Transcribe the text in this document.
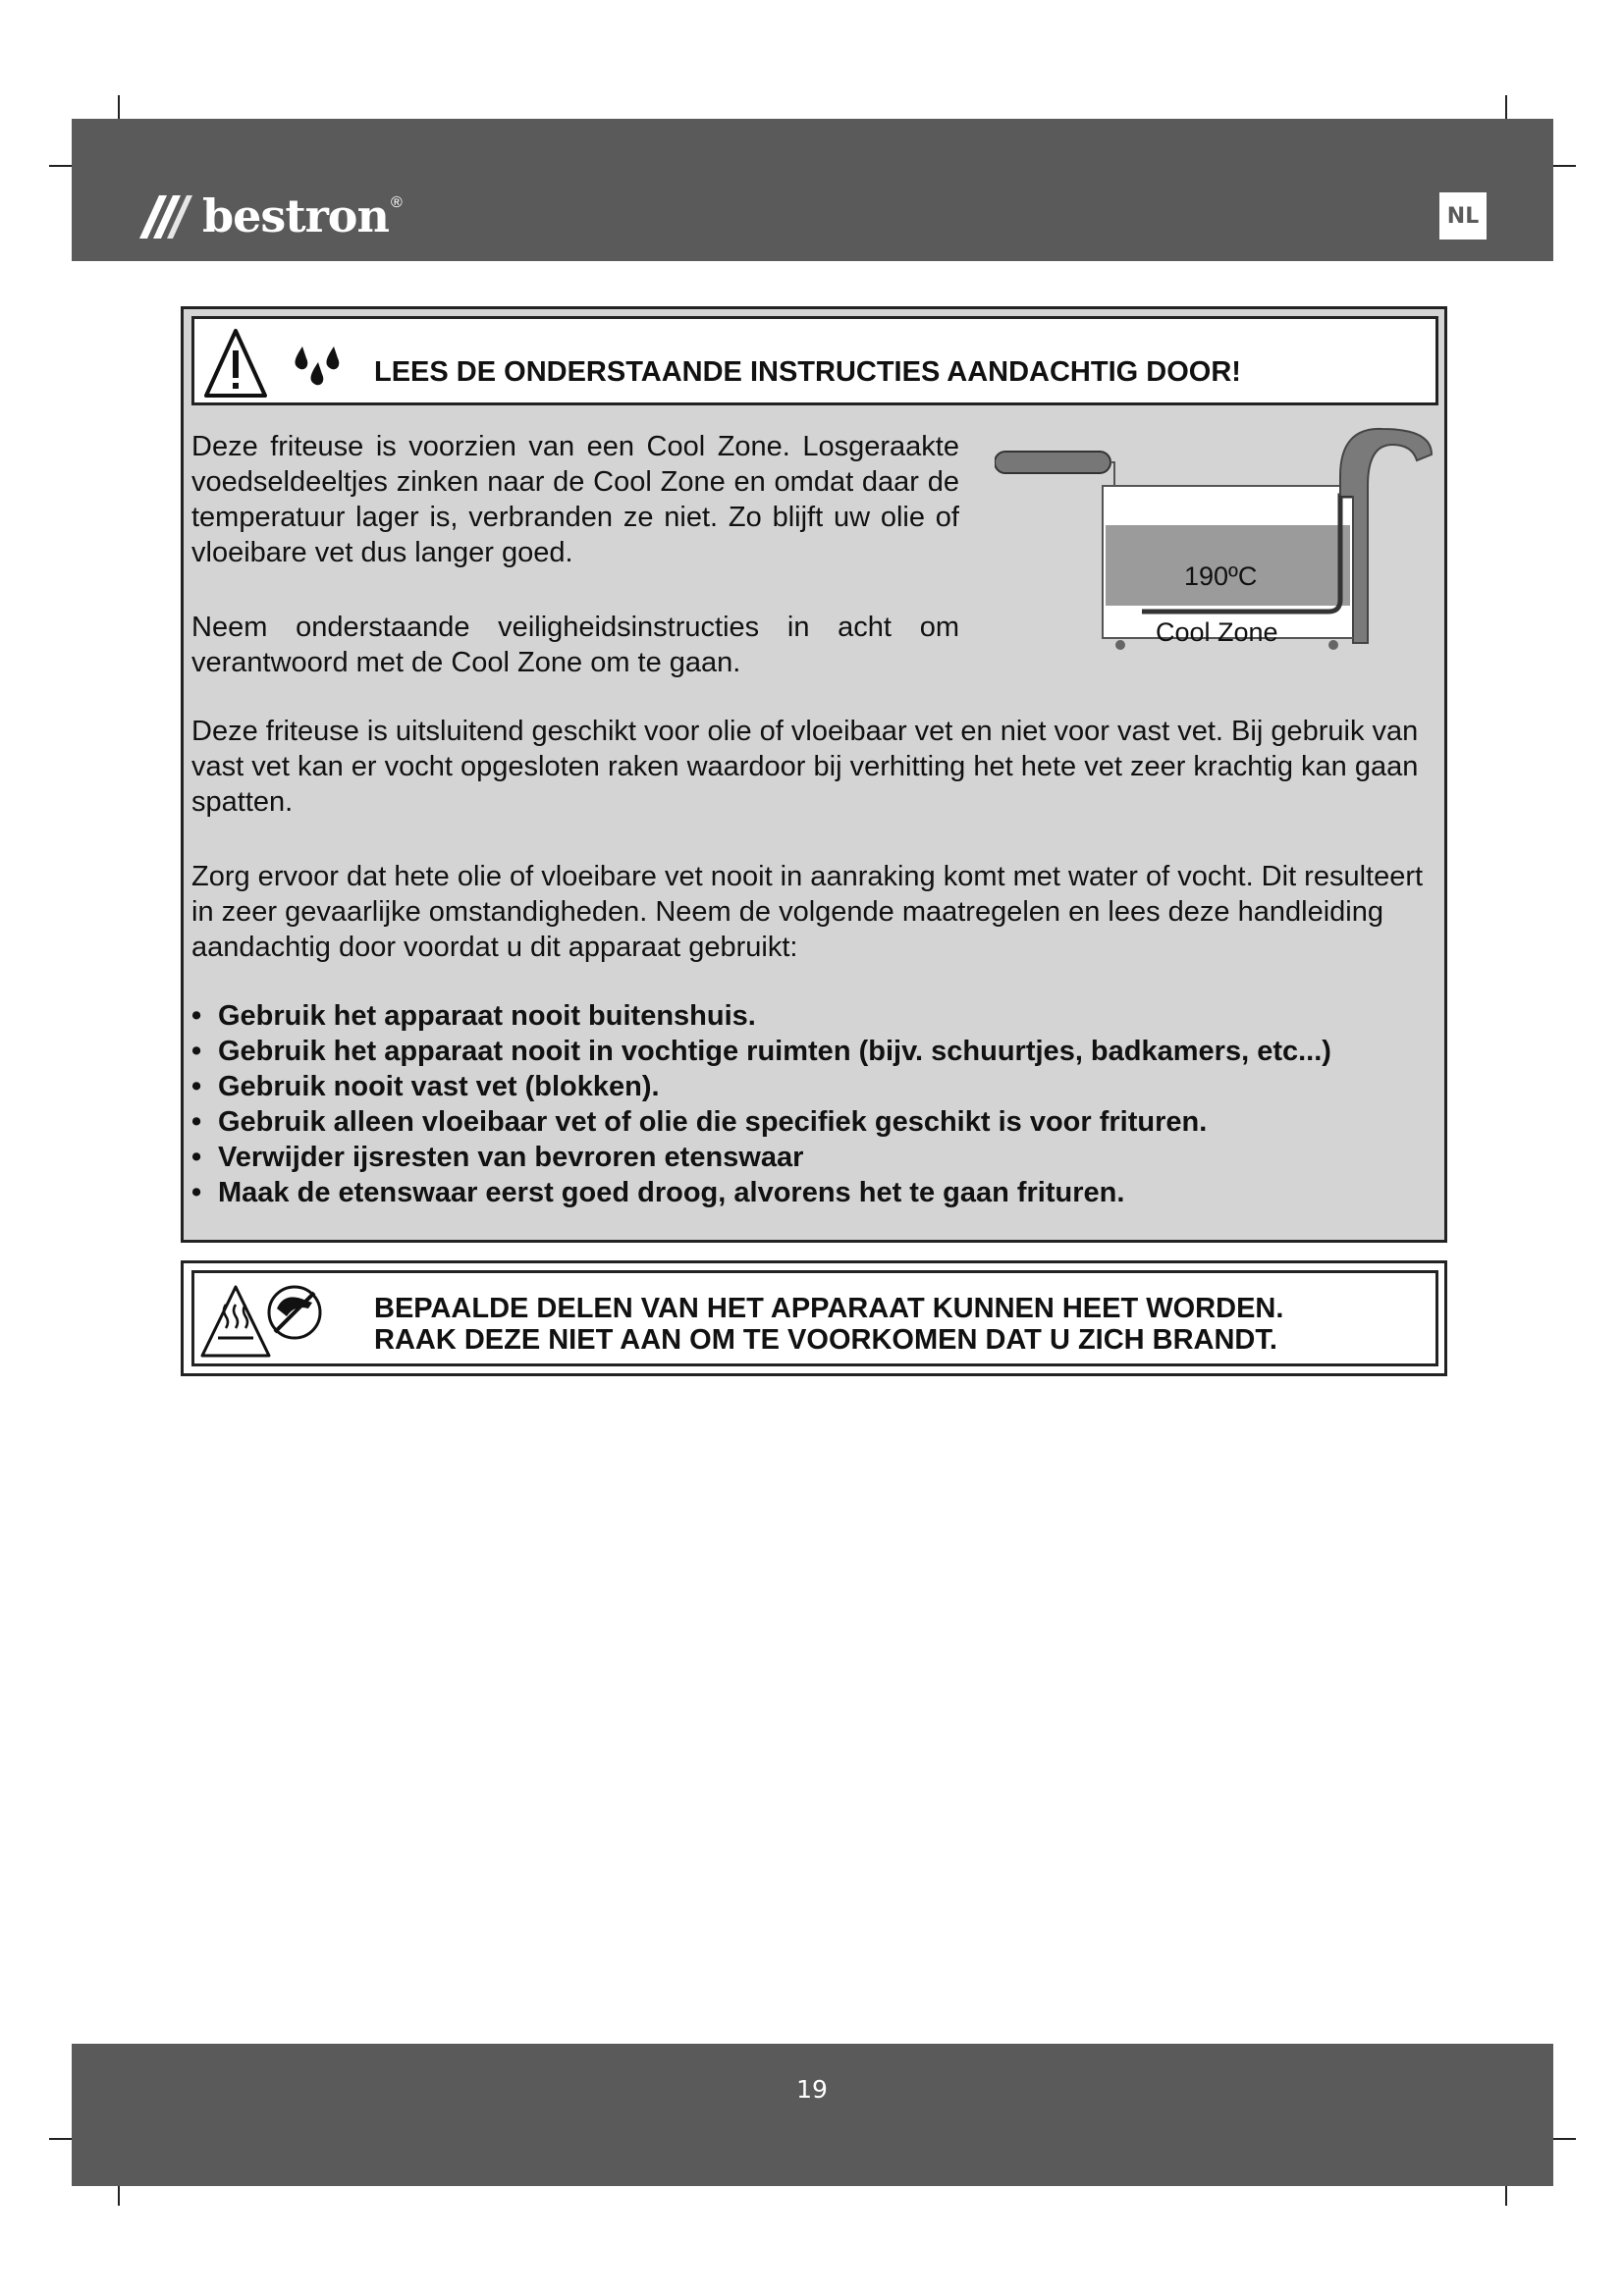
bestron ®
NL
LEES DE ONDERSTAANDE INSTRUCTIES AANDACHTIG DOOR!

Deze friteuse is voorzien van een Cool Zone. Losgeraakte voedseldeeltjes zinken naar de Cool Zone en omdat daar de temperatuur lager is, verbranden ze niet. Zo blijft uw olie of vloeibare vet dus langer goed.

Neem onderstaande veiligheidsinstructies in acht om verantwoord met de Cool Zone om te gaan.

190ºC
Cool Zone

Deze friteuse is uitsluitend geschikt voor olie of vloeibaar vet en niet voor vast vet. Bij gebruik van vast vet kan er vocht opgesloten raken waardoor bij verhitting het hete vet zeer krachtig kan gaan spatten.

Zorg ervoor dat hete olie of vloeibare vet nooit in aanraking komt met water of vocht. Dit resulteert in zeer gevaarlijke omstandigheden. Neem de volgende maatregelen en lees deze handleiding aandachtig door voordat u dit apparaat gebruikt:

• Gebruik het apparaat nooit buitenshuis.
• Gebruik het apparaat nooit in vochtige ruimten (bijv. schuurtjes, badkamers, etc...)
• Gebruik nooit vast vet (blokken).
• Gebruik alleen vloeibaar vet of olie die specifiek geschikt is voor frituren.
• Verwijder ijsresten van bevroren etenswaar
• Maak de etenswaar eerst goed droog, alvorens het te gaan frituren.
BEPAALDE DELEN VAN HET APPARAAT KUNNEN HEET WORDEN.
RAAK DEZE NIET AAN OM TE VOORKOMEN DAT U ZICH BRANDT.
19
